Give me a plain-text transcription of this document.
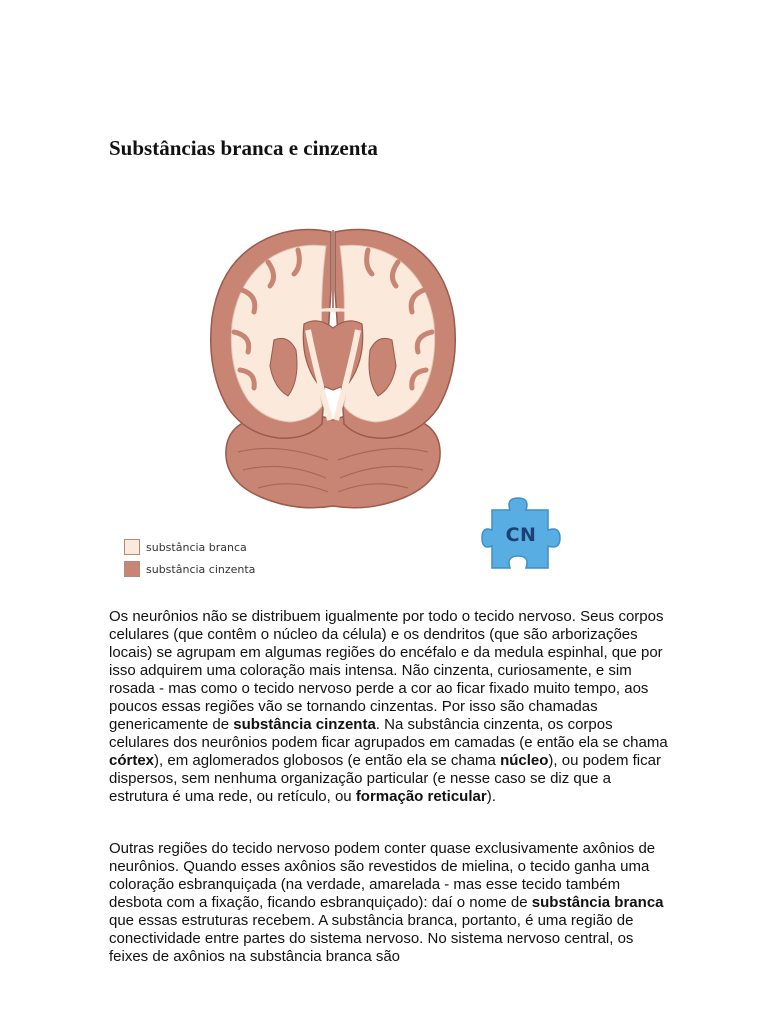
Substâncias branca e cinzenta
substância branca
substância cinzenta
CN

Os neurônios não se distribuem igualmente por todo o tecido nervoso. Seus corpos celulares (que contêm o núcleo da célula) e os dendritos (que são arborizações locais) se agrupam em algumas regiões do encéfalo e da medula espinhal, que por isso adquirem uma coloração mais intensa. Não cinzenta, curiosamente, e sim rosada - mas como o tecido nervoso perde a cor ao ficar fixado muito tempo, aos poucos essas regiões vão se tornando cinzentas. Por isso são chamadas genericamente de substância cinzenta. Na substância cinzenta, os corpos celulares dos neurônios podem ficar agrupados em camadas (e então ela se chama córtex), em aglomerados globosos (e então ela se chama núcleo), ou podem ficar dispersos, sem nenhuma organização particular (e nesse caso se diz que a estrutura é uma rede, ou retículo, ou formação reticular).

Outras regiões do tecido nervoso podem conter quase exclusivamente axônios de neurônios. Quando esses axônios são revestidos de mielina, o tecido ganha uma coloração esbranquiçada (na verdade, amarelada - mas esse tecido também desbota com a fixação, ficando esbranquiçado): daí o nome de substância branca que essas estruturas recebem. A substância branca, portanto, é uma região de conectividade entre partes do sistema nervoso. No sistema nervoso central, os feixes de axônios na substância branca são
